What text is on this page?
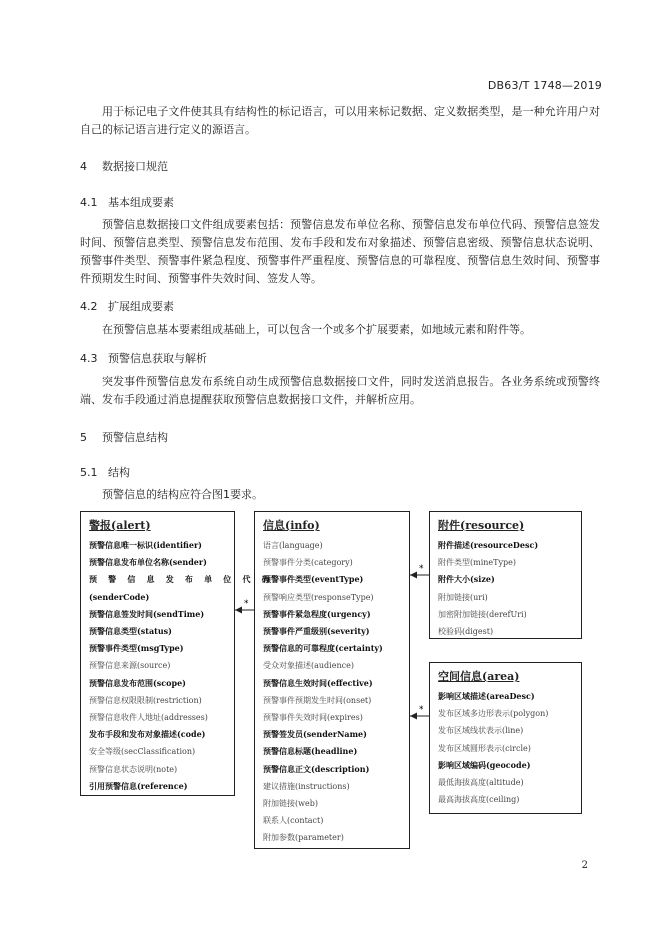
DB63/T 1748—2019
用于标记电子文件使其具有结构性的标记语言，可以用来标记数据、定义数据类型，是一种允许用户对自己的标记语言进行定义的源语言。
4 数据接口规范
4.1 基本组成要素
预警信息数据接口文件组成要素包括：预警信息发布单位名称、预警信息发布单位代码、预警信息签发时间、预警信息类型、预警信息发布范围、发布手段和发布对象描述、预警信息密级、预警信息状态说明、预警事件类型、预警事件紧急程度、预警事件严重程度、预警信息的可靠程度、预警信息生效时间、预警事件预期发生时间、预警事件失效时间、签发人等。
4.2 扩展组成要素
在预警信息基本要素组成基础上，可以包含一个或多个扩展要素，如地域元素和附件等。
4.3 预警信息获取与解析
突发事件预警信息发布系统自动生成预警信息数据接口文件，同时发送消息报告。各业务系统或预警终端、发布手段通过消息提醒获取预警信息数据接口文件，并解析应用。
5 预警信息结构
5.1 结构
预警信息的结构应符合图1要求。
警报(alert)
预警信息唯一标识(identifier)
预警信息发布单位名称(sender)
预 警 信 息 发 布 单 位 代 码
(senderCode)
预警信息签发时间(sendTime)
预警信息类型(status)
预警事件类型(msgType)
预警信息来源(source)
预警信息发布范围(scope)
预警信息权限限制(restriction)
预警信息收件人地址(addresses)
发布手段和发布对象描述(code)
安全等级(secClassification)
预警信息状态说明(note)
引用预警信息(reference)
信息(info)
语言(language)
预警事件分类(category)
预警事件类型(eventType)
预警响应类型(responseType)
预警事件紧急程度(urgency)
预警事件严重级别(severity)
预警信息的可靠程度(certainty)
受众对象描述(audience)
预警信息生效时间(effective)
预警事件预期发生时间(onset)
预警事件失效时间(expires)
预警签发员(senderName)
预警信息标题(headline)
预警信息正文(description)
建议措施(instructions)
附加链接(web)
联系人(contact)
附加参数(parameter)
附件(resource)
附件描述(resourceDesc)
附件类型(mineType)
附件大小(size)
附加链接(uri)
加密附加链接(derefUri)
校验码(digest)
空间信息(area)
影响区域描述(areaDesc)
发布区域多边形表示(polygon)
发布区域线状表示(line)
发布区域圆形表示(circle)
影响区域编码(geocode)
最低海拔高度(altitude)
最高海拔高度(ceiling)
*
*
*
2
